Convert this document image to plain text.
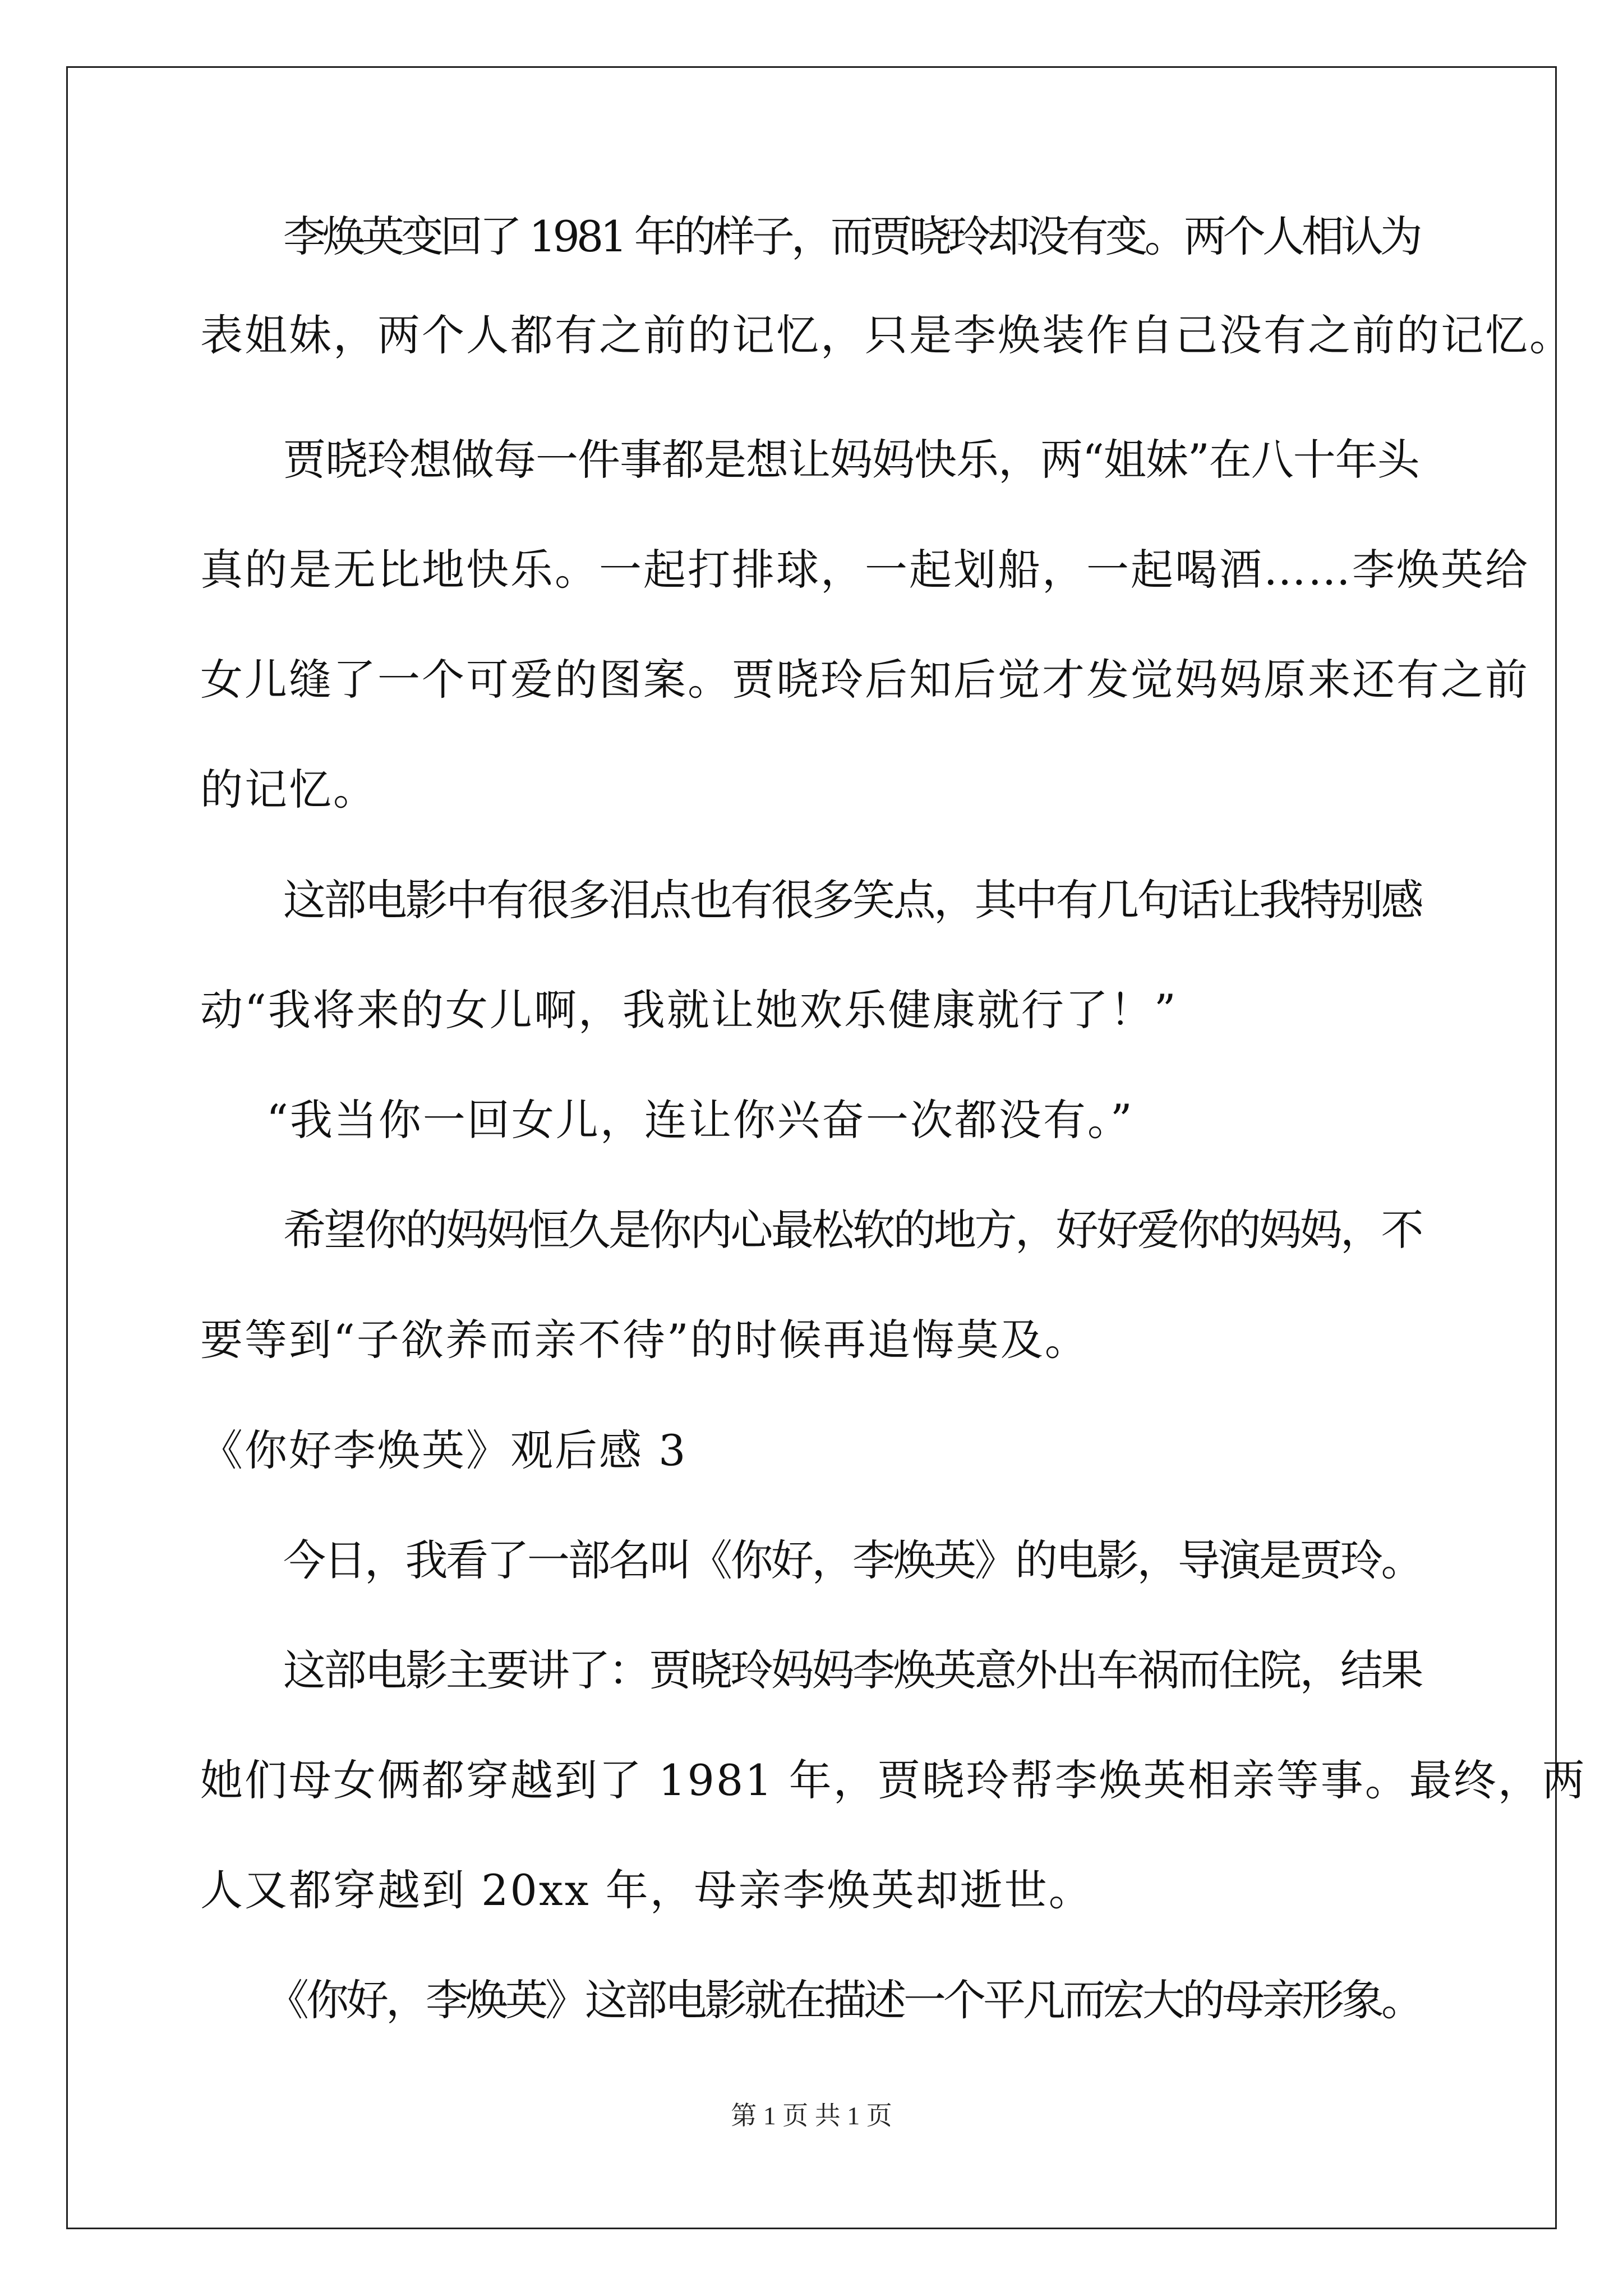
李焕英变回了 1981 年的样子，而贾晓玲却没有变。两个人相认为
表姐妹，两个人都有之前的记忆，只是李焕装作自己没有之前的记忆。
贾晓玲想做每一件事都是想让妈妈快乐，两“姐妹”在八十年头
真的是无比地快乐。一起打排球，一起划船，一起喝酒……李焕英给
女儿缝了一个可爱的图案。贾晓玲后知后觉才发觉妈妈原来还有之前
的记忆。
这部电影中有很多泪点也有很多笑点，其中有几句话让我特别感
动“我将来的女儿啊，我就让她欢乐健康就行了！”
“我当你一回女儿，连让你兴奋一次都没有。”
希望你的妈妈恒久是你内心最松软的地方，好好爱你的妈妈，不
要等到“子欲养而亲不待”的时候再追悔莫及。
《你好李焕英》观后感 3
今日，我看了一部名叫《你好，李焕英》的电影，导演是贾玲。
这部电影主要讲了：贾晓玲妈妈李焕英意外出车祸而住院，结果
她们母女俩都穿越到了 1981 年，贾晓玲帮李焕英相亲等事。最终，两
人又都穿越到 20xx 年，母亲李焕英却逝世。
《你好，李焕英》这部电影就在描述一个平凡而宏大的母亲形象。
第 1 页 共 1 页
